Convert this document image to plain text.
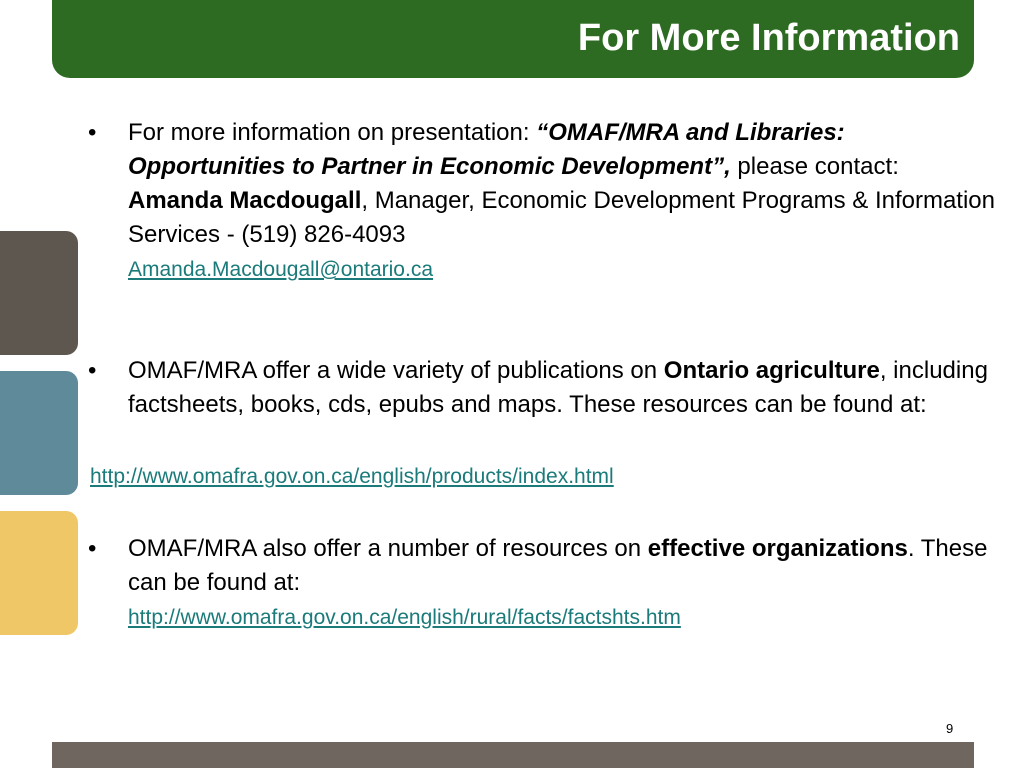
For More Information
• For more information on presentation: “OMAF/MRA and Libraries: Opportunities to Partner in Economic Development”, please contact:
Amanda Macdougall, Manager, Economic Development Programs & Information Services - (519) 826-4093
Amanda.Macdougall@ontario.ca
• OMAF/MRA offer a wide variety of publications on Ontario agriculture, including factsheets, books, cds, epubs and maps. These resources can be found at:
http://www.omafra.gov.on.ca/english/products/index.html
• OMAF/MRA also offer a number of resources on effective organizations. These can be found at:
http://www.omafra.gov.on.ca/english/rural/facts/factshts.htm
9
